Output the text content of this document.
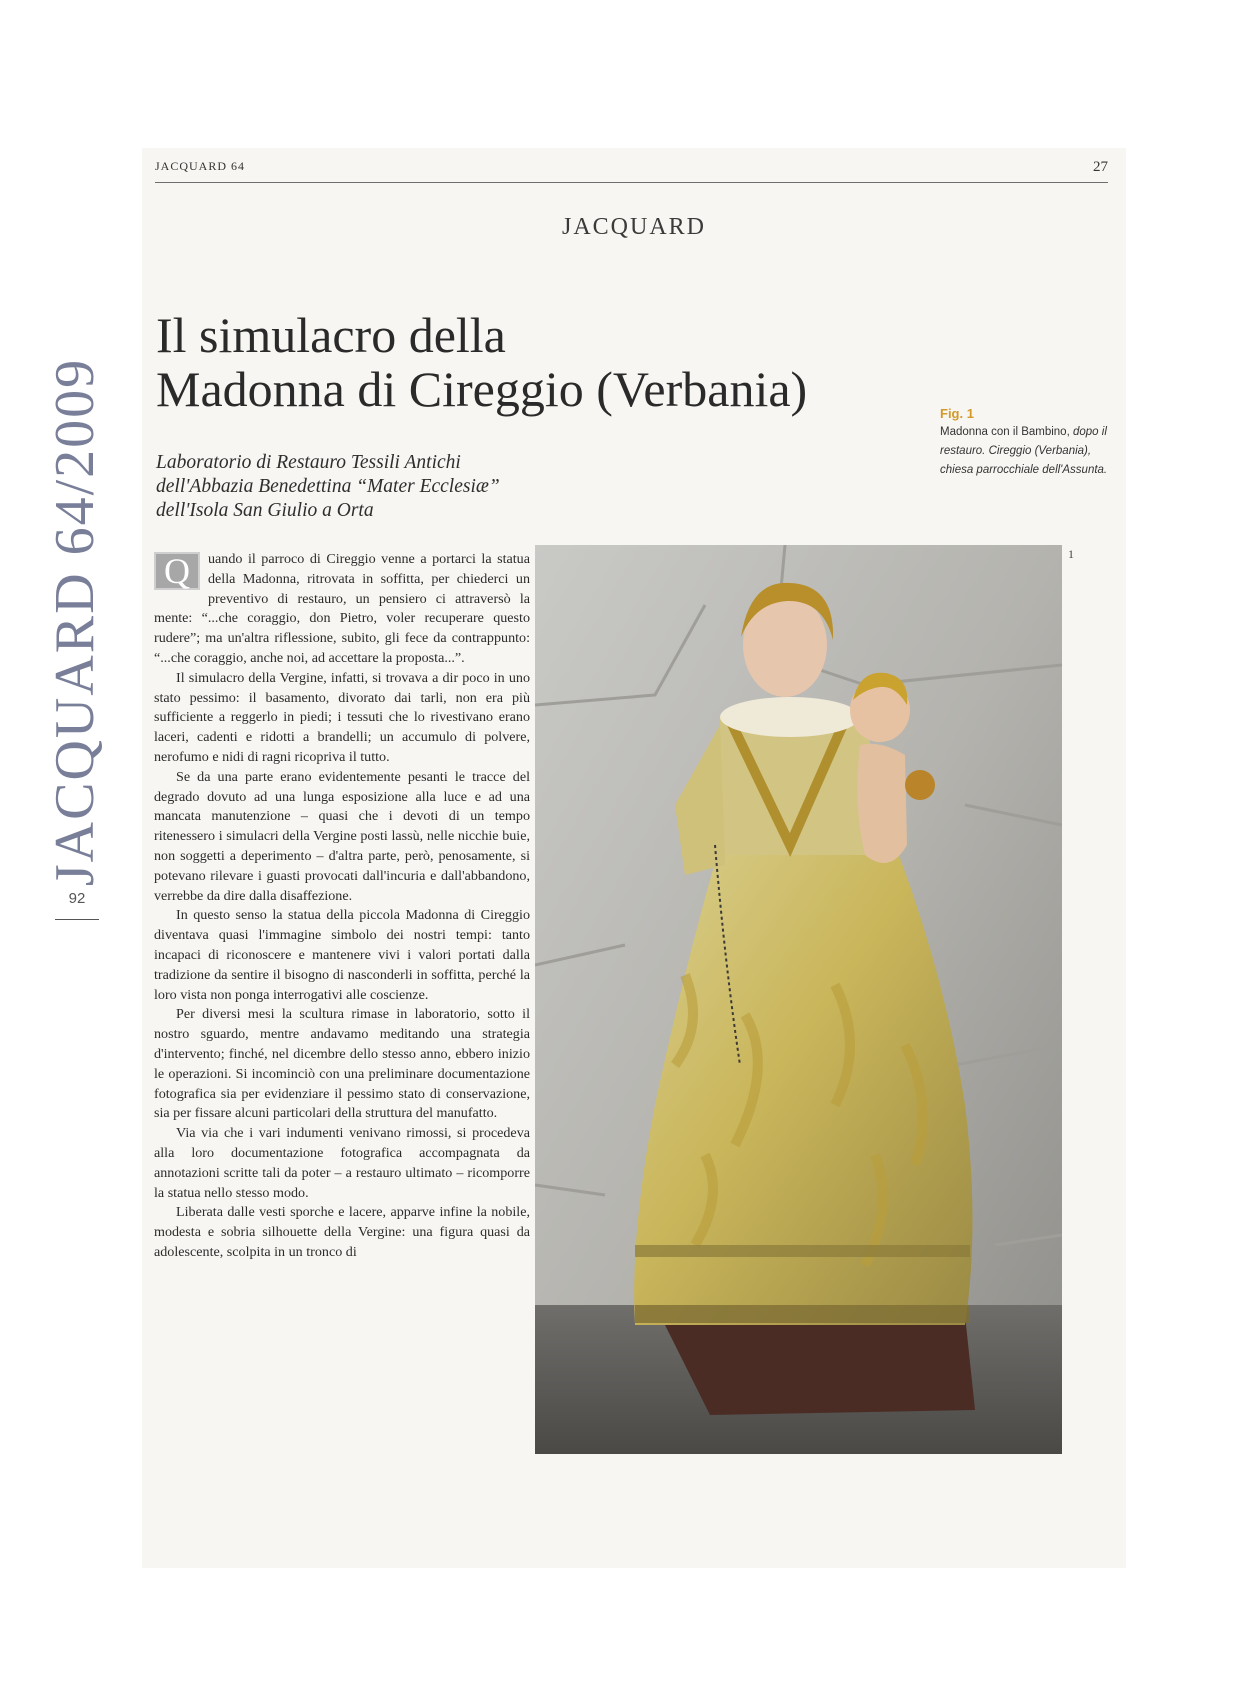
JACQUARD 64/2009
92
JACQUARD 64	27
JACQUARD
Il simulacro della
Madonna di Cireggio (Verbania)
Laboratorio di Restauro Tessili Antichi
dell'Abbazia Benedettina “Mater Ecclesiæ”
dell'Isola San Giulio a Orta
Fig. 1
Madonna con il Bambino, dopo il restauro. Cireggio (Verbania), chiesa parrocchiale dell'Assunta.

Q	uando il parroco di Cireggio venne a portarci la statua della Madonna, ritrovata in soffitta, per chiederci un preventivo di restauro, un pensiero ci attraversò la mente: “...che coraggio, don Pietro, voler recuperare questo rudere”; ma un'altra riflessione, subito, gli fece da contrappunto: “...che coraggio, anche noi, ad accettare la proposta...”.

Il simulacro della Vergine, infatti, si trovava a dir poco in uno stato pessimo: il basamento, divorato dai tarli, non era più sufficiente a reggerlo in piedi; i tessuti che lo rivestivano erano laceri, cadenti e ridotti a brandelli; un accumulo di polvere, nerofumo e nidi di ragni ricopriva il tutto.

Se da una parte erano evidentemente pesanti le tracce del degrado dovuto ad una lunga esposizione alla luce e ad una mancata manutenzione – quasi che i devoti di un tempo ritenessero i simulacri della Vergine posti lassù, nelle nicchie buie, non soggetti a deperimento – d'altra parte, però, penosamente, si potevano rilevare i guasti provocati dall'incuria e dall'abbandono, verrebbe da dire dalla disaffezione.

In questo senso la statua della piccola Madonna di Cireggio diventava quasi l'immagine simbolo dei nostri tempi: tanto incapaci di riconoscere e mantenere vivi i valori portati dalla tradizione da sentire il bisogno di nasconderli in soffitta, perché la loro vista non ponga interrogativi alle coscienze.

Per diversi mesi la scultura rimase in laboratorio, sotto il nostro sguardo, mentre andavamo meditando una strategia d'intervento; finché, nel dicembre dello stesso anno, ebbero inizio le operazioni. Si incominciò con una preliminare documentazione fotografica sia per evidenziare il pessimo stato di conservazione, sia per fissare alcuni particolari della struttura del manufatto.

Via via che i vari indumenti venivano rimossi, si procedeva alla loro documentazione fotografica accompagnata da annotazioni scritte tali da poter – a restauro ultimato – ricomporre la statua nello stesso modo.

Liberata dalle vesti sporche e lacere, apparve infine la nobile, modesta e sobria silhouette della Vergine: una figura quasi da adolescente, scolpita in un tronco di

1
